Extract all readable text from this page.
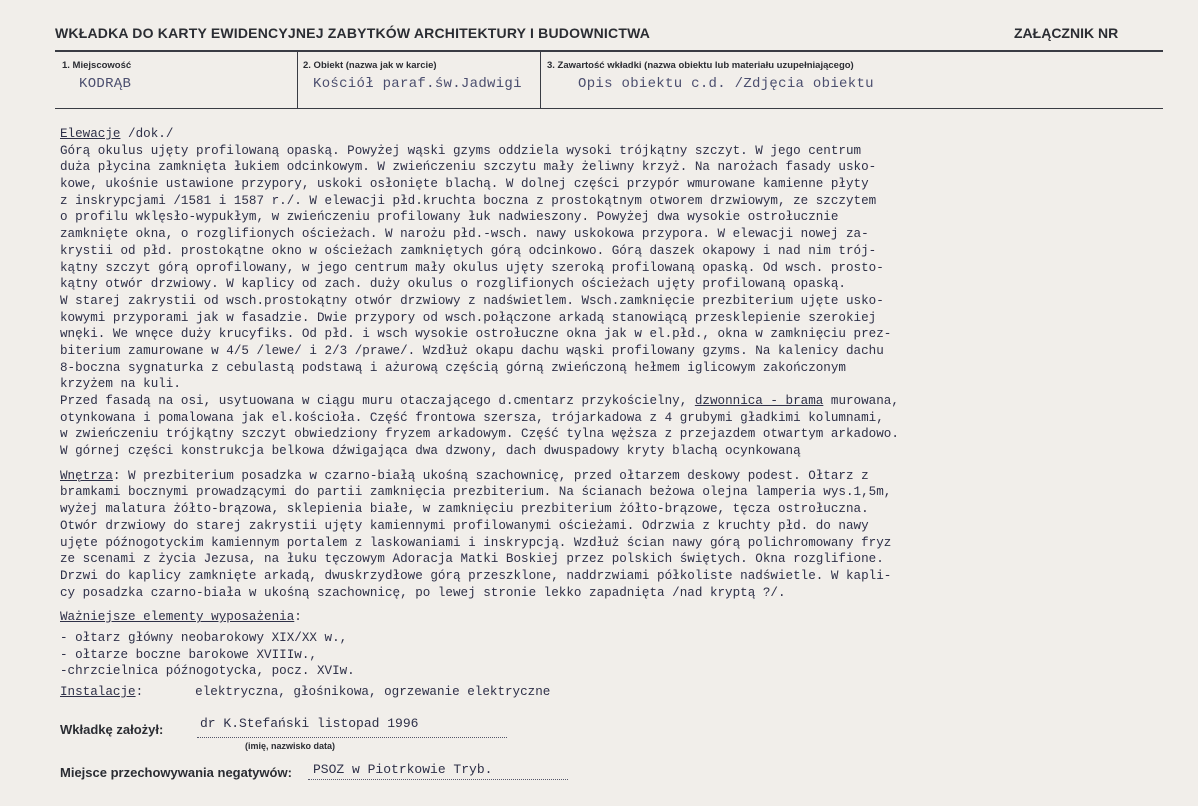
WKŁADKA DO KARTY EWIDENCYJNEJ ZABYTKÓW ARCHITEKTURY I BUDOWNICTWA	ZAŁĄCZNIK NR
1. Miejscowość
KODRĄB
2. Obiekt (nazwa jak w karcie)
Kościół paraf.św.Jadwigi
3. Zawartość wkładki (nazwa obiektu lub materiału uzupełniającego)
Opis obiektu c.d. /Zdjęcia obiektu
Elewacje /dok./
Górą okulus ujęty profilowaną opaską. Powyżej wąski gzyms oddziela wysoki trójkątny szczyt. W jego centrum
duża płycina zamknięta łukiem odcinkowym. W zwieńczeniu szczytu mały żeliwny krzyż. Na narożach fasady usko-
kowe, ukośnie ustawione przypory, uskoki osłonięte blachą. W dolnej części przypór wmurowane kamienne płyty
z inskrypcjami /1581 i 1587 r./. W elewacji płd.kruchta boczna z prostokątnym otworem drzwiowym, ze szczytem
o profilu wklęsło-wypukłym, w zwieńczeniu profilowany łuk nadwieszony. Powyżej dwa wysokie ostrołucznie
zamknięte okna, o rozglifionych ościeżach. W narożu płd.-wsch. nawy uskokowa przypora. W elewacji nowej za-
krystii od płd. prostokątne okno w ościeżach zamkniętych górą odcinkowo. Górą daszek okapowy i nad nim trój-
kątny szczyt górą oprofilowany, w jego centrum mały okulus ujęty szeroką profilowaną opaską. Od wsch. prosto-
kątny otwór drzwiowy. W kaplicy od zach. duży okulus o rozglifionych ościeżach ujęty profilowaną opaską.
W starej zakrystii od wsch.prostokątny otwór drzwiowy z nadświetlem. Wsch.zamknięcie prezbiterium ujęte usko-
kowymi przyporami jak w fasadzie. Dwie przypory od wsch.połączone arkadą stanowiącą przesklepienie szerokiej
wnęki. We wnęce duży krucyfiks. Od płd. i wsch wysokie ostrołuczne okna jak w el.płd., okna w zamknięciu prez-
biterium zamurowane w 4/5 /lewe/ i 2/3 /prawe/. Wzdłuż okapu dachu wąski profilowany gzyms. Na kalenicy dachu
8-boczna sygnaturka z cebulastą podstawą i ażurową częścią górną zwieńczoną hełmem iglicowym zakończonym
krzyżem na kuli.
Przed fasadą na osi, usytuowana w ciągu muru otaczającego d.cmentarz przykościelny, dzwonnica - brama murowana,
otynkowana i pomalowana jak el.kościoła. Część frontowa szersza, trójarkadowa z 4 grubymi gładkimi kolumnami,
w zwieńczeniu trójkątny szczyt obwiedziony fryzem arkadowym. Część tylna węższa z przejazdem otwartym arkadowo.
W górnej części konstrukcja belkowa dźwigająca dwa dzwony, dach dwuspadowy kryty blachą ocynkowaną
Wnętrza: W prezbiterium posadzka w czarno-białą ukośną szachownicę, przed ołtarzem deskowy podest. Ołtarz z
bramkami bocznymi prowadzącymi do partii zamknięcia prezbiterium. Na ścianach beżowa olejna lamperia wys.1,5m,
wyżej malatura żółto-brązowa, sklepienia białe, w zamknięciu prezbiterium żółto-brązowe, tęcza ostrołuczna.
Otwór drzwiowy do starej zakrystii ujęty kamiennymi profilowanymi ościeżami. Odrzwia z kruchty płd. do nawy
ujęte późnogotyckim kamiennym portalem z laskowaniami i inskrypcją. Wzdłuż ścian nawy górą polichromowany fryz
ze scenami z życia Jezusa, na łuku tęczowym Adoracja Matki Boskiej przez polskich świętych. Okna rozglifione.
Drzwi do kaplicy zamknięte arkadą, dwuskrzydłowe górą przeszklone, naddrzwiami półkoliste nadświetle. W kapli-
cy posadzka czarno-biała w ukośną szachownicę, po lewej stronie lekko zapadnięta /nad kryptą ?/.
Ważniejsze elementy wyposażenia:
- ołtarz główny neobarokowy XIX/XX w.,
- ołtarze boczne barokowe XVIIIw.,
-chrzcielnica późnogotycka, pocz. XVIw.
Instalacje:	elektryczna, głośnikowa, ogrzewanie elektryczne
Wkładkę założył:	dr K.Stefański listopad 1996
(imię, nazwisko data)
Miejsce przechowywania negatywów: PSOZ w Piotrkowie Tryb.
